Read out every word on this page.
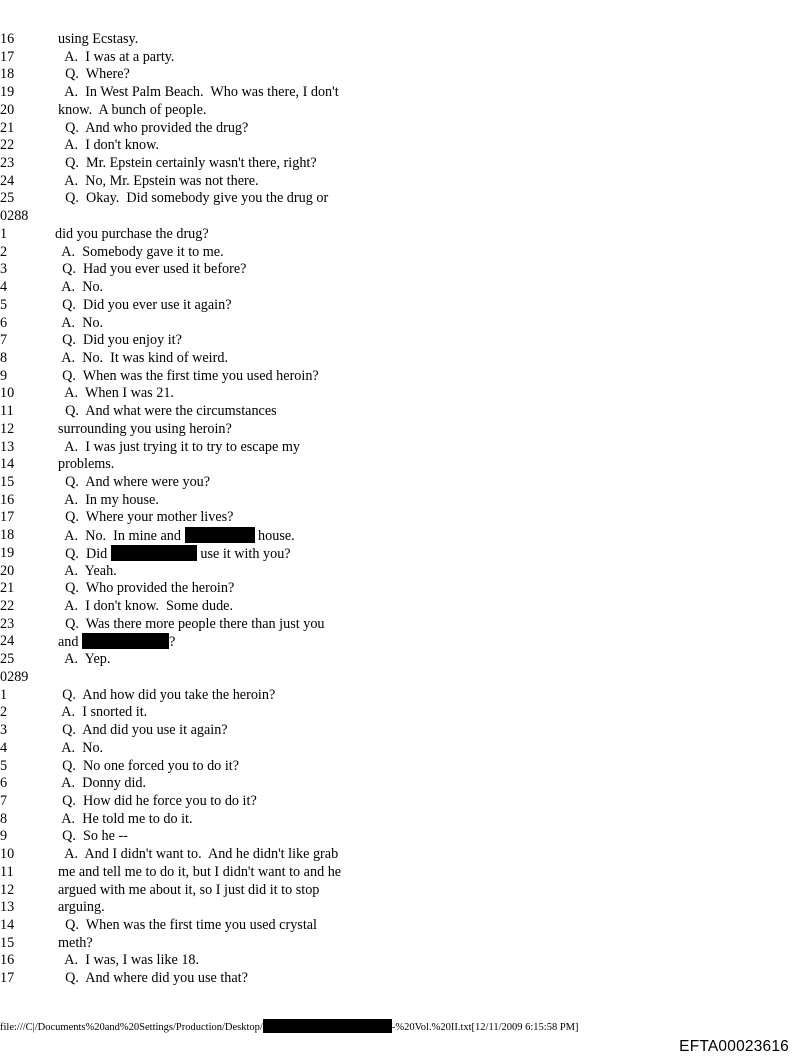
16	using Ecstasy.
17	A.  I was at a party.
18	Q.  Where?
19	A.  In West Palm Beach.  Who was there, I don't
20	know.  A bunch of people.
21	Q.  And who provided the drug?
22	A.  I don't know.
23	Q.  Mr. Epstein certainly wasn't there, right?
24	A.  No, Mr. Epstein was not there.
25	Q.  Okay.  Did somebody give you the drug or
0288
1	did you purchase the drug?
2	A.  Somebody gave it to me.
3	Q.  Had you ever used it before?
4	A.  No.
5	Q.  Did you ever use it again?
6	A.  No.
7	Q.  Did you enjoy it?
8	A.  No.  It was kind of weird.
9	Q.  When was the first time you used heroin?
10	A.  When I was 21.
11	Q.  And what were the circumstances
12	surrounding you using heroin?
13	A.  I was just trying it to try to escape my
14	problems.
15	Q.  And where were you?
16	A.  In my house.
17	Q.  Where your mother lives?
18	A.  No.  In mine and	house.
19	Q.  Did	use it with you?
20	A.  Yeah.
21	Q.  Who provided the heroin?
22	A.  I don't know.  Some dude.
23	Q.  Was there more people there than just you
24	and	?
25	A.  Yep.
0289
1	Q.  And how did you take the heroin?
2	A.  I snorted it.
3	Q.  And did you use it again?
4	A.  No.
5	Q.  No one forced you to do it?
6	A.  Donny did.
7	Q.  How did he force you to do it?
8	A.  He told me to do it.
9	Q.  So he --
10	A.  And I didn't want to.  And he didn't like grab
11	me and tell me to do it, but I didn't want to and he
12	argued with me about it, so I just did it to stop
13	arguing.
14	Q.  When was the first time you used crystal
15	meth?
16	A.  I was, I was like 18.
17	Q.  And where did you use that?
file:///C|/Documents%20and%20Settings/Production/Desktop/	-%20Vol.%20II.txt[12/11/2009 6:15:58 PM]
EFTA00023616
